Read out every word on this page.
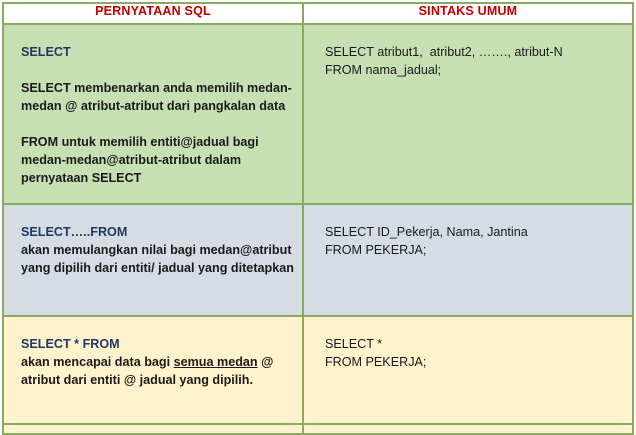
PERNYATAAN SQL	SINTAKS UMUM

SELECT
SELECT membenarkan anda memilih medan-medan @ atribut-atribut dari pangkalan data
FROM untuk memilih entiti@jadual bagi medan-medan@atribut-atribut dalam pernyataan SELECT	SELECT atribut1,  atribut2, ……., atribut-N
FROM nama_jadual;

SELECT…..FROM
akan memulangkan nilai bagi medan@atribut yang dipilih dari entiti/ jadual yang ditetapkan	SELECT ID_Pekerja, Nama, Jantina
FROM PEKERJA;

SELECT * FROM
akan mencapai data bagi semua medan @ atribut dari entiti @ jadual yang dipilih.	SELECT *
FROM PEKERJA;
